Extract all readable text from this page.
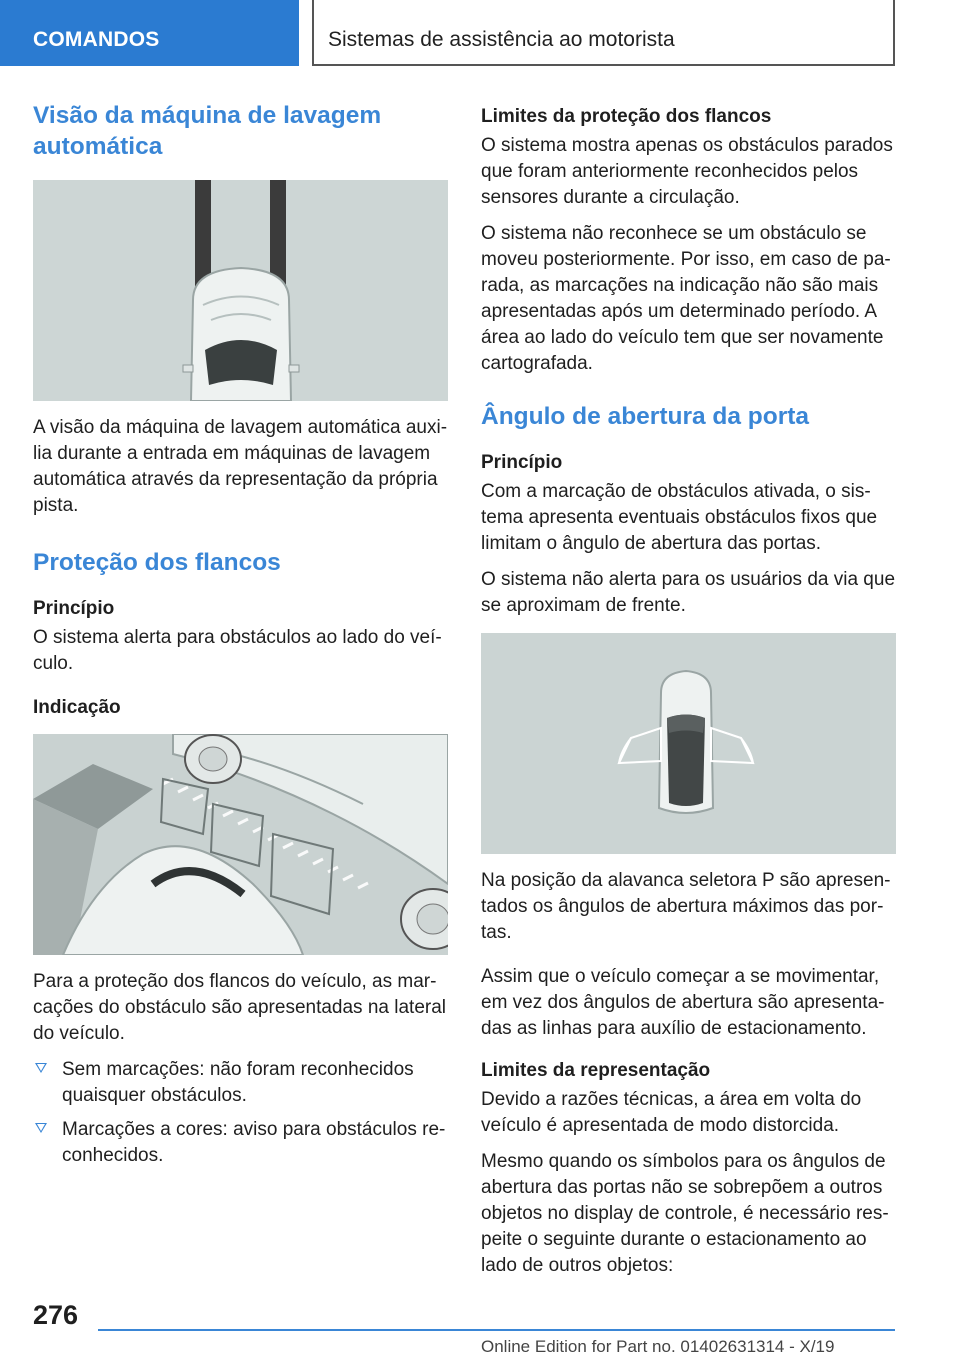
COMANDOS	Sistemas de assistência ao motorista
Visão da máquina de lavagem automática

A visão da máquina de lavagem automática auxilia durante a entrada em máquinas de lavagem automática através da representação da própria pista.

Proteção dos flancos
Princípio

O sistema alerta para obstáculos ao lado do veículo.

Indicação

Para a proteção dos flancos do veículo, as marcações do obstáculo são apresentadas na lateral do veículo.

Sem marcações: não foram reconhecidos quaisquer obstáculos.
Marcações a cores: aviso para obstáculos reconhecidos.
Limites da proteção dos flancos

O sistema mostra apenas os obstáculos parados que foram anteriormente reconhecidos pelos sensores durante a circulação.

O sistema não reconhece se um obstáculo se moveu posteriormente. Por isso, em caso de parada, as marcações na indicação não são mais apresentadas após um determinado período. A área ao lado do veículo tem que ser novamente cartografada.

Ângulo de abertura da porta
Princípio

Com a marcação de obstáculos ativada, o sistema apresenta eventuais obstáculos fixos que limitam o ângulo de abertura das portas.

O sistema não alerta para os usuários da via que se aproximam de frente.

Na posição da alavanca seletora P são apresentados os ângulos de abertura máximos das portas.

Assim que o veículo começar a se movimentar, em vez dos ângulos de abertura são apresentadas as linhas para auxílio de estacionamento.

Limites da representação

Devido a razões técnicas, a área em volta do veículo é apresentada de modo distorcida.

Mesmo quando os símbolos para os ângulos de abertura das portas não se sobrepõem a outros objetos no display de controle, é necessário respeite o seguinte durante o estacionamento ao lado de outros objetos:

276
Online Edition for Part no. 01402631314 - X/19
